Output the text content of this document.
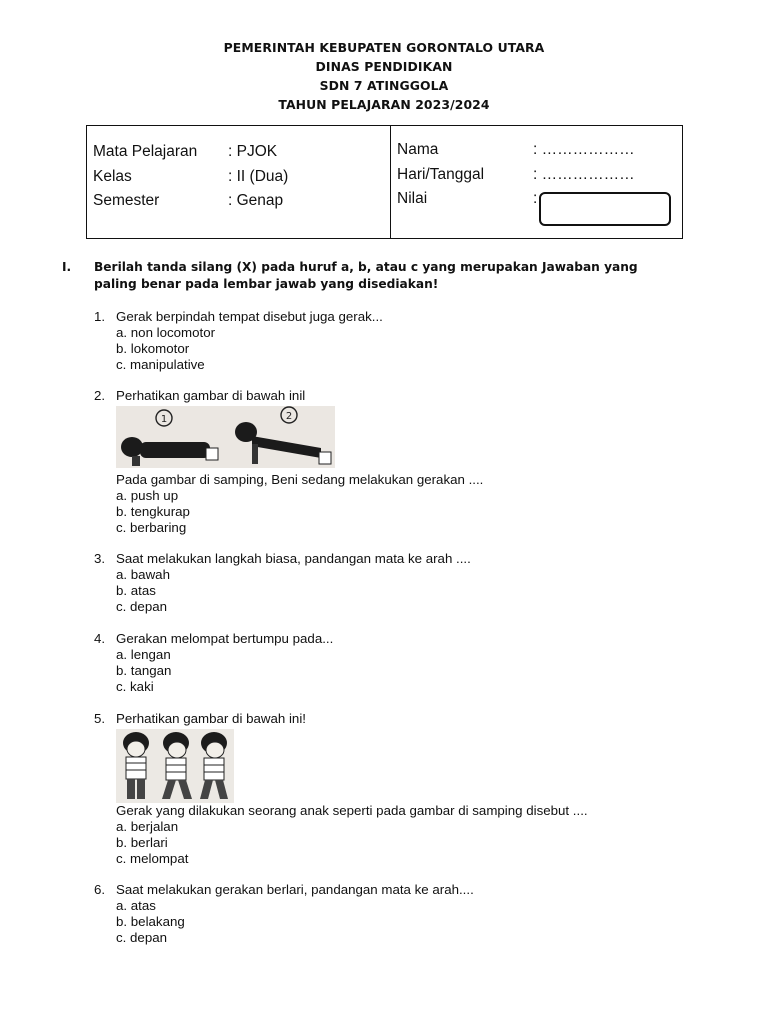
PEMERINTAH KEBUPATEN GORONTALO UTARA
DINAS PENDIDIKAN
SDN 7 ATINGGOLA
TAHUN PELAJARAN 2023/2024
Mata Pelajaran : PJOK
Kelas	: II (Dua)
Semester	: Genap
Nama	: ………………
Hari/Tanggal	: ………………
Nilai	:
I. Berilah tanda silang (X) pada huruf a, b, atau c yang merupakan Jawaban yang
paling benar pada lembar jawab yang disediakan!
1. Gerak berpindah tempat disebut juga gerak...
a. non locomotor
b. lokomotor
c. manipulative
2. Perhatikan gambar di bawah inil
1	2
Pada gambar di samping, Beni sedang melakukan gerakan ....
a. push up
b. tengkurap
c. berbaring
3. Saat melakukan langkah biasa, pandangan mata ke arah ....
a. bawah
b. atas
c. depan
4. Gerakan melompat bertumpu pada...
a. lengan
b. tangan
c. kaki
5. Perhatikan gambar di bawah ini!
Gerak yang dilakukan seorang anak seperti pada gambar di samping disebut ....
a. berjalan
b. berlari
c. melompat
6. Saat melakukan gerakan berlari, pandangan mata ke arah....
a. atas
b. belakang
c. depan
